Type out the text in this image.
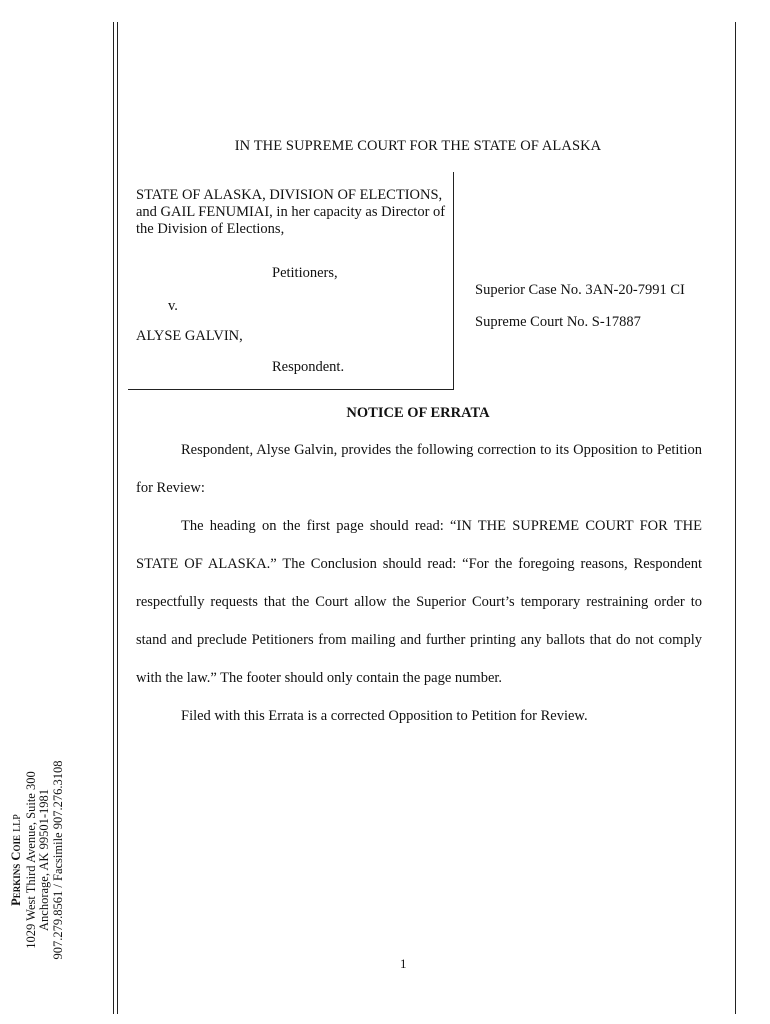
IN THE SUPREME COURT FOR THE STATE OF ALASKA

STATE OF ALASKA, DIVISION OF ELECTIONS, and GAIL FENUMIAI, in her capacity as Director of the Division of Elections,

Petitioners,
v.
ALYSE GALVIN,
Respondent.
Superior Case No. 3AN-20-7991 CI
Supreme Court No. S-17887
NOTICE OF ERRATA

Respondent, Alyse Galvin, provides the following correction to its Opposition to Petition for Review:

The heading on the first page should read: “IN THE SUPREME COURT FOR THE STATE OF ALASKA.” The Conclusion should read: “For the foregoing reasons, Respondent respectfully requests that the Court allow the Superior Court’s temporary restraining order to stand and preclude Petitioners from mailing and further printing any ballots that do not comply with the law.” The footer should only contain the page number.

Filed with this Errata is a corrected Opposition to Petition for Review.

1
Perkins Coie LLP 1029 West Third Avenue, Suite 300 Anchorage, AK 99501-1981 907.279.8561 / Facsimile 907.276.3108
